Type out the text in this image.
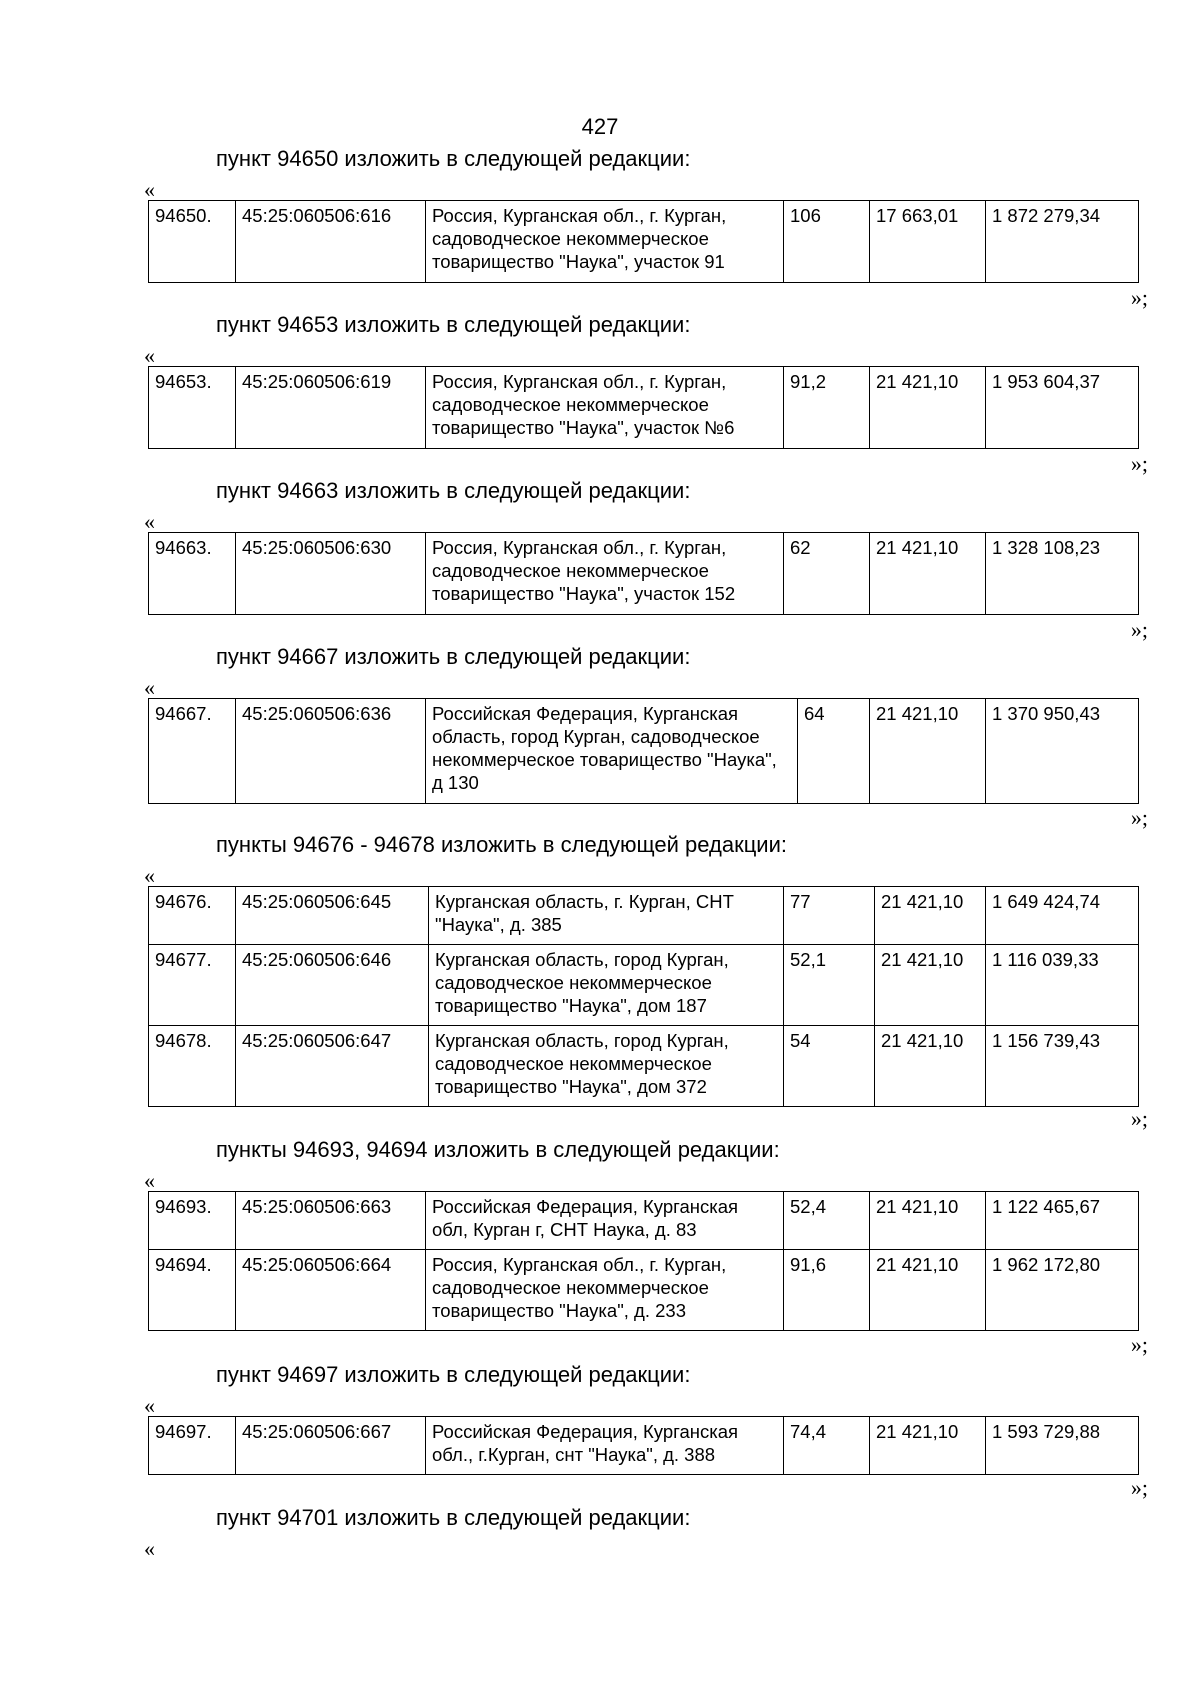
427
пункт 94650 изложить в следующей редакции:
«
94650.	45:25:060506:616	Россия, Курганская обл., г. Курган, садоводческое некоммерческое товарищество "Наука", участок 91	106	17 663,01	1 872 279,34
»;
пункт 94653 изложить в следующей редакции:
«
94653.	45:25:060506:619	Россия, Курганская обл., г. Курган, садоводческое некоммерческое товарищество "Наука", участок №6	91,2	21 421,10	1 953 604,37
»;
пункт 94663 изложить в следующей редакции:
«
94663.	45:25:060506:630	Россия, Курганская обл., г. Курган, садоводческое некоммерческое товарищество "Наука", участок 152	62	21 421,10	1 328 108,23
»;
пункт 94667 изложить в следующей редакции:
«
94667.	45:25:060506:636	Российская Федерация, Курганская область, город Курган, садоводческое некоммерческое товарищество "Наука", д 130	64	21 421,10	1 370 950,43
»;
пункты 94676 - 94678 изложить в следующей редакции:
«
94676.	45:25:060506:645	Курганская область, г. Курган, СНТ "Наука", д. 385	77	21 421,10	1 649 424,74
94677.	45:25:060506:646	Курганская область, город Курган, садоводческое некоммерческое товарищество "Наука", дом 187	52,1	21 421,10	1 116 039,33
94678.	45:25:060506:647	Курганская область, город Курган, садоводческое некоммерческое товарищество "Наука", дом 372	54	21 421,10	1 156 739,43
»;
пункты 94693, 94694 изложить в следующей редакции:
«
94693.	45:25:060506:663	Российская Федерация, Курганская обл, Курган г, СНТ Наука, д. 83	52,4	21 421,10	1 122 465,67
94694.	45:25:060506:664	Россия, Курганская обл., г. Курган, садоводческое некоммерческое товарищество "Наука", д. 233	91,6	21 421,10	1 962 172,80
»;
пункт 94697 изложить в следующей редакции:
«
94697.	45:25:060506:667	Российская Федерация, Курганская обл., г.Курган, снт "Наука", д. 388	74,4	21 421,10	1 593 729,88
»;
пункт 94701 изложить в следующей редакции:
«
